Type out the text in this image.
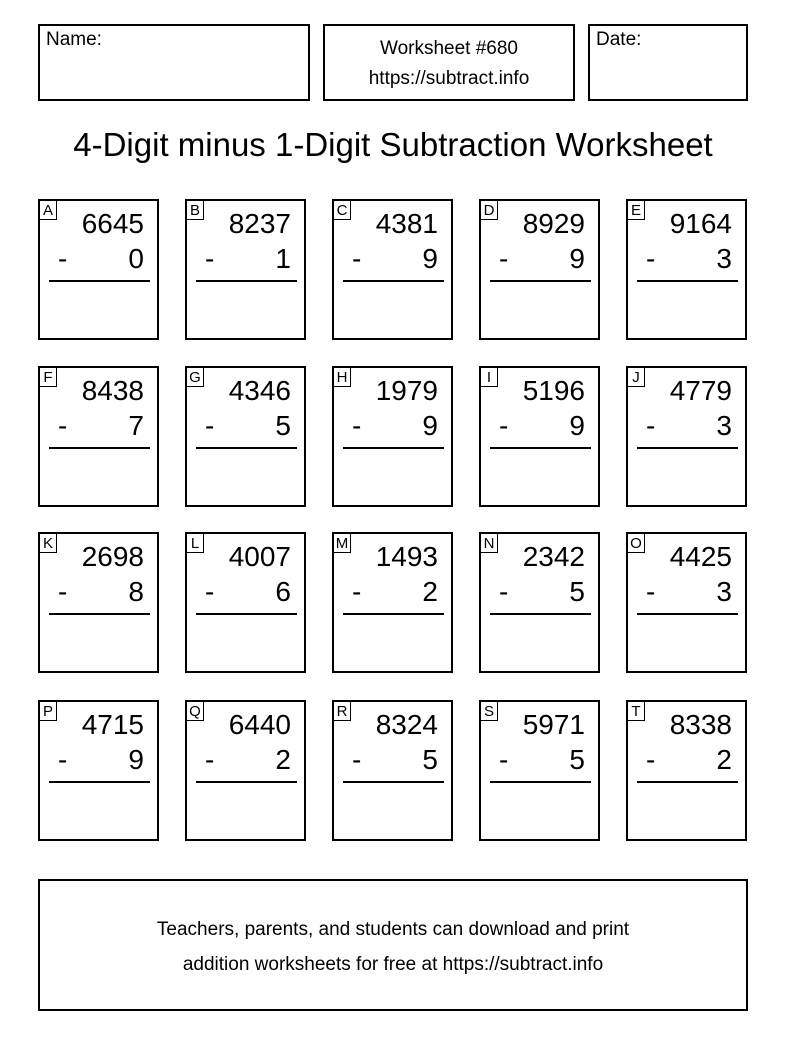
Name:	Worksheet #680
https://subtract.info
Date:
4-Digit minus 1-Digit Subtraction Worksheet
A 6645
- 0
B 8237
- 1
C 4381
- 9
D 8929
- 9
E 9164
- 3
F 8438
- 7
G 4346
- 5
H 1979
- 9
I 5196
- 9
J 4779
- 3
K 2698
- 8
L 4007
- 6
M 1493
- 2
N 2342
- 5
O 4425
- 3
P 4715
- 9
Q 6440
- 2
R 8324
- 5
S 5971
- 5
T 8338
- 2
Teachers, parents, and students can download and print
addition worksheets for free at https://subtract.info
